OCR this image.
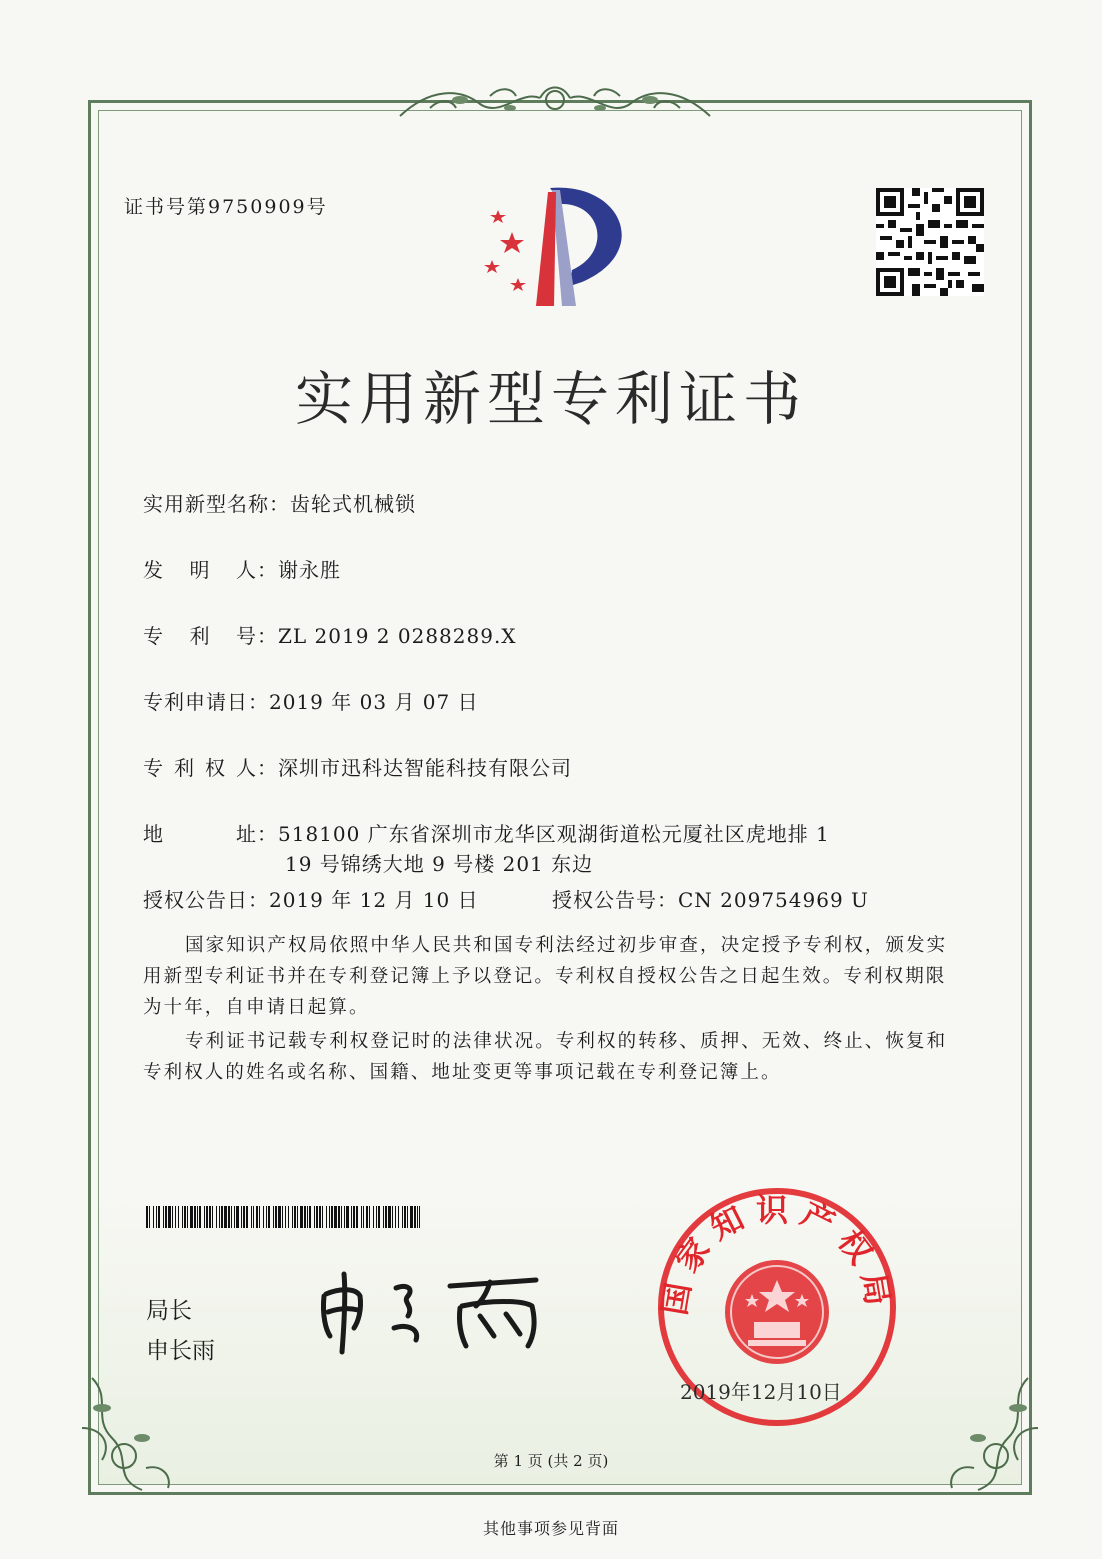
证书号第9750909号
实用新型专利证书
实用新型名称：齿轮式机械锁
发 明 人 ：谢永胜
专 利 号 ：ZL 2019 2 0288289.X
专利申请日：2019 年 03 月 07 日
专 利 权 人 ：深圳市迅科达智能科技有限公司
地	址 ：518100 广东省深圳市龙华区观湖街道松元厦社区虎地排 1
19 号锦绣大地 9 号楼 201 东边
授权公告日：2019 年 12 月 10 日	授权公告号：CN 209754969 U
国家知识产权局依照中华人民共和国专利法经过初步审查，决定授予专利权，颁发实用新型专利证书并在专利登记簿上予以登记。专利权自授权公告之日起生效。专利权期限为十年，自申请日起算。
专利证书记载专利权登记时的法律状况。专利权的转移、质押、无效、终止、恢复和专利权人的姓名或名称、国籍、地址变更等事项记载在专利登记簿上。
局长
申长雨
国家知识产权局
2019年12月10日
第 1 页 (共 2 页)
其他事项参见背面
